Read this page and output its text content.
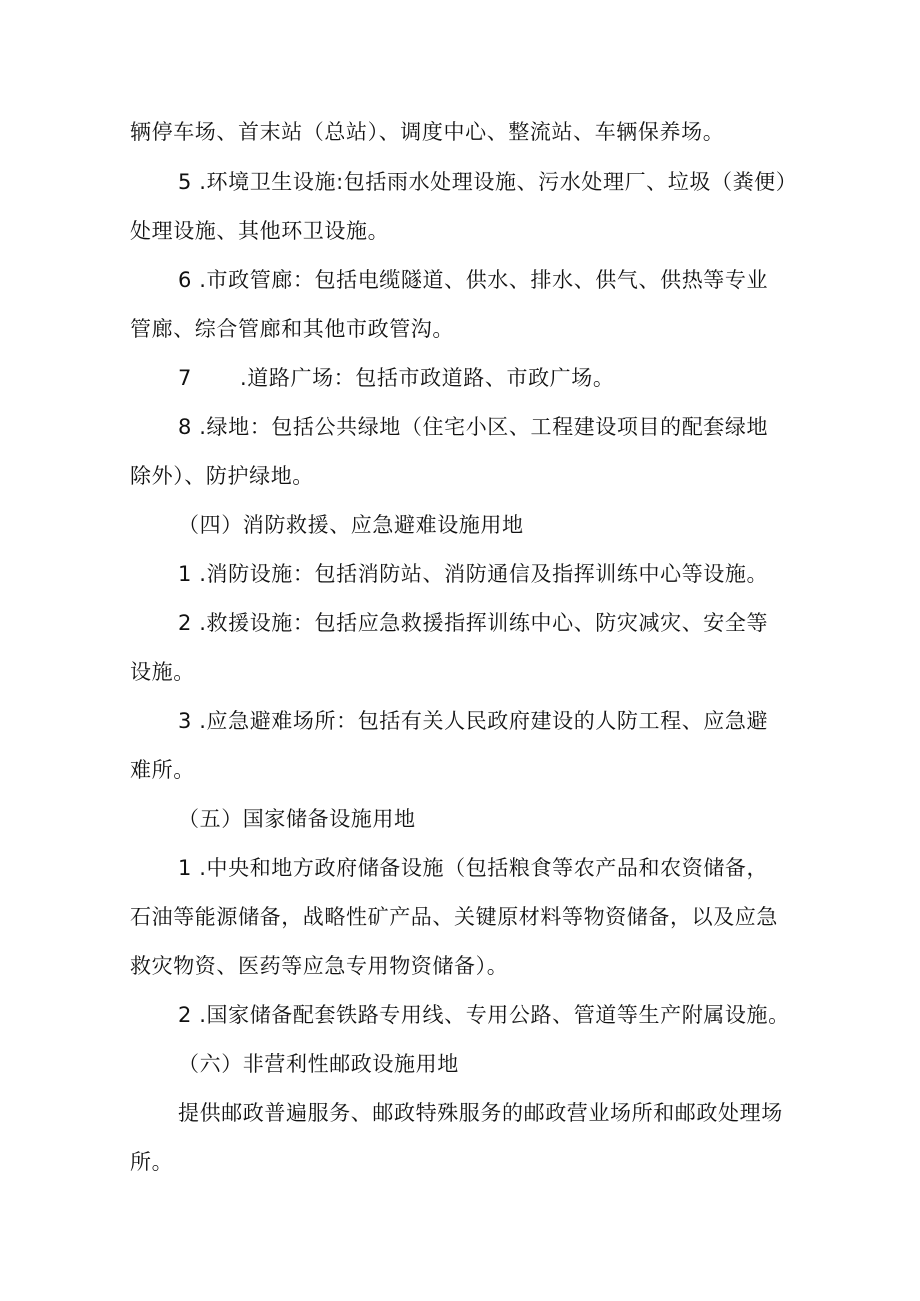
辆停车场、首末站（总站）、调度中心、整流站、车辆保养场。
5 .环境卫生设施:包括雨水处理设施、污水处理厂、垃圾（粪便）
处理设施、其他环卫设施。
6 .市政管廊：包括电缆隧道、供水、排水、供气、供热等专业
管廊、综合管廊和其他市政管沟。
7 .道路广场：包括市政道路、市政广场。
8 .绿地：包括公共绿地（住宅小区、工程建设项目的配套绿地
除外）、防护绿地。
（四）消防救援、应急避难设施用地
1 .消防设施：包括消防站、消防通信及指挥训练中心等设施。
2 .救援设施：包括应急救援指挥训练中心、防灾减灾、安全等
设施。
3 .应急避难场所：包括有关人民政府建设的人防工程、应急避
难所。
（五）国家储备设施用地
1 .中央和地方政府储备设施（包括粮食等农产品和农资储备，
石油等能源储备，战略性矿产品、关键原材料等物资储备，以及应急
救灾物资、医药等应急专用物资储备）。
2 .国家储备配套铁路专用线、专用公路、管道等生产附属设施。
（六）非营利性邮政设施用地
提供邮政普遍服务、邮政特殊服务的邮政营业场所和邮政处理场
所。
